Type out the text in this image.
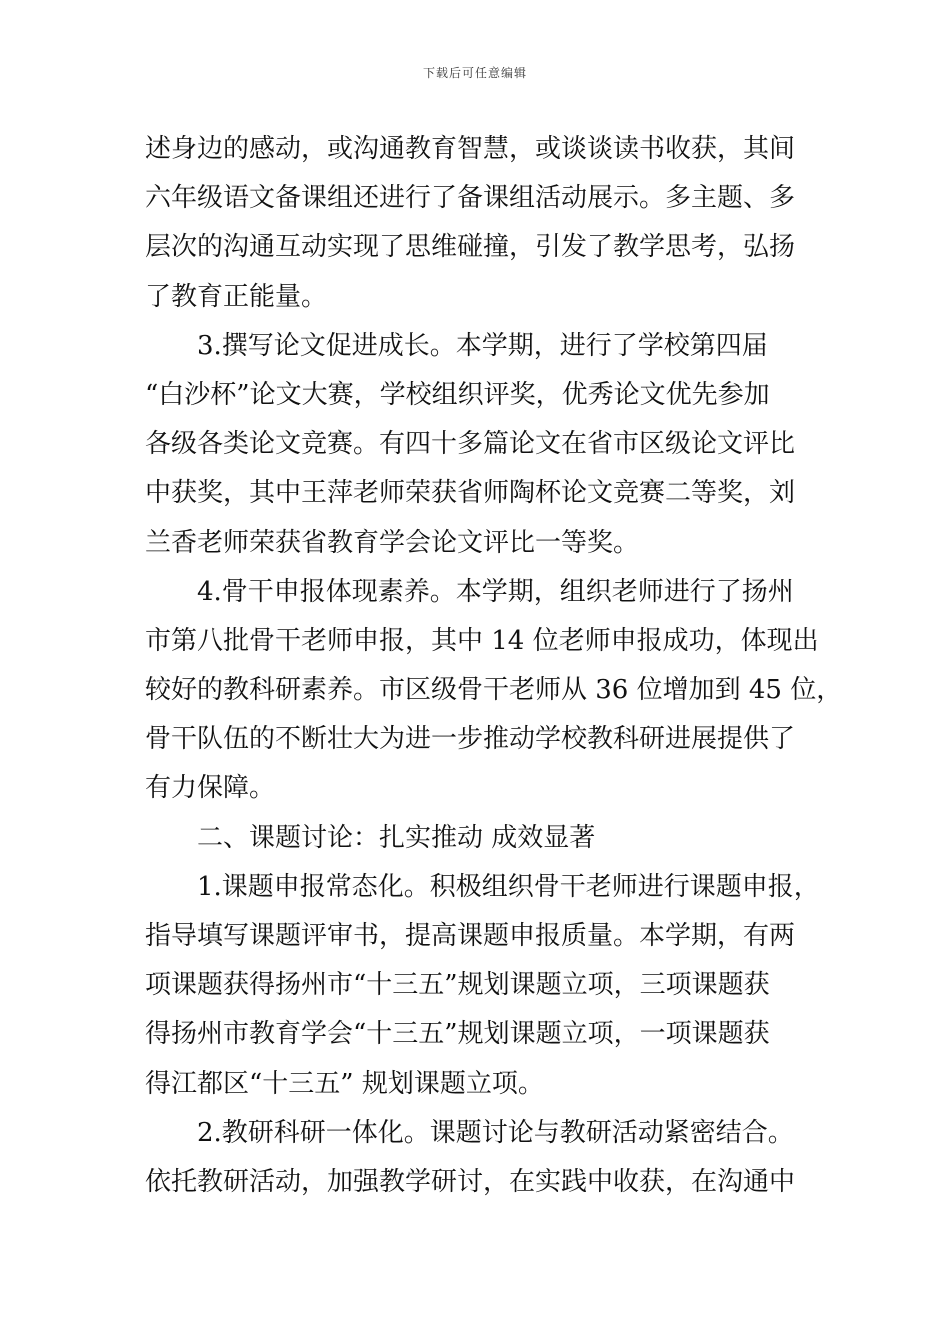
下载后可任意编辑
述身边的感动，或沟通教育智慧，或谈谈读书收获，其间
六年级语文备课组还进行了备课组活动展示。多主题、多
层次的沟通互动实现了思维碰撞，引发了教学思考，弘扬
了教育正能量。
3.撰写论文促进成长。本学期，进行了学校第四届
“白沙杯”论文大赛，学校组织评奖，优秀论文优先参加
各级各类论文竞赛。有四十多篇论文在省市区级论文评比
中获奖，其中王萍老师荣获省师陶杯论文竞赛二等奖，刘
兰香老师荣获省教育学会论文评比一等奖。
4.骨干申报体现素养。本学期，组织老师进行了扬州
市第八批骨干老师申报，其中 14 位老师申报成功，体现出
较好的教科研素养。市区级骨干老师从 36 位增加到 45 位，
骨干队伍的不断壮大为进一步推动学校教科研进展提供了
有力保障。
二、课题讨论：扎实推动 成效显著
1.课题申报常态化。积极组织骨干老师进行课题申报，
指导填写课题评审书，提高课题申报质量。本学期，有两
项课题获得扬州市“十三五”规划课题立项，三项课题获
得扬州市教育学会“十三五”规划课题立项，一项课题获
得江都区“十三五” 规划课题立项。
2.教研科研一体化。课题讨论与教研活动紧密结合。
依托教研活动，加强教学研讨，在实践中收获，在沟通中
